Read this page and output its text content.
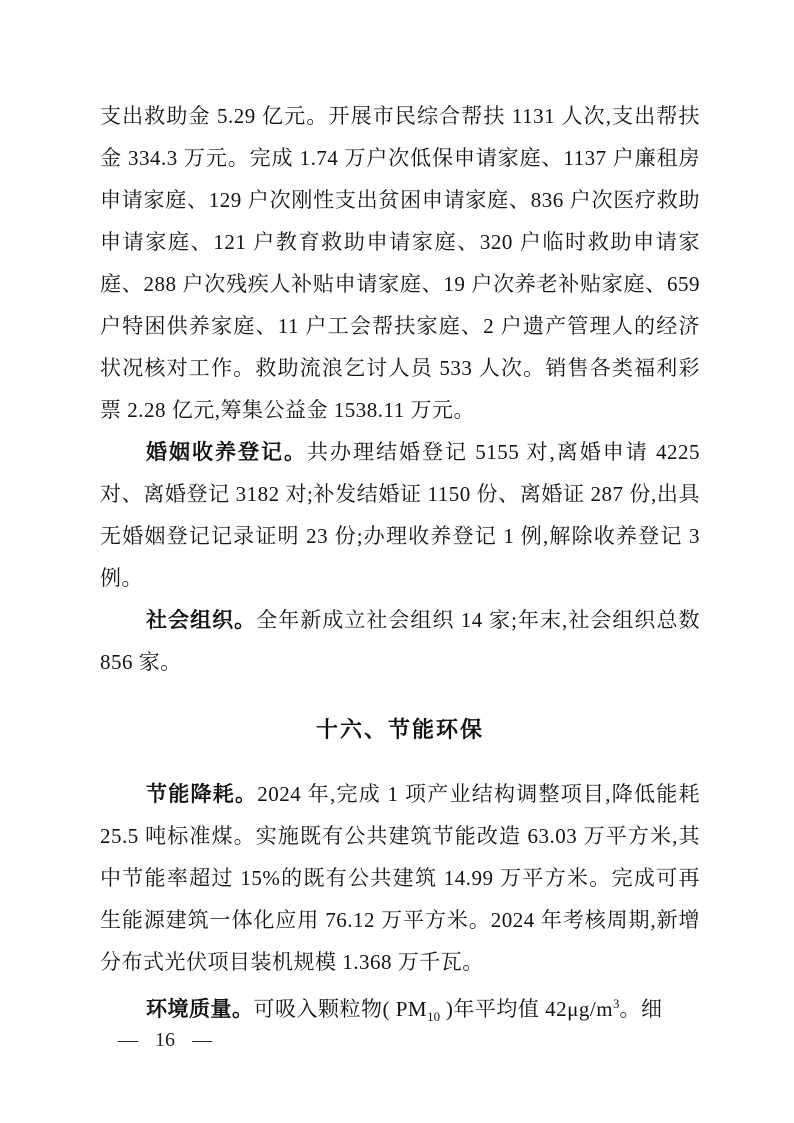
支出救助金 5.29 亿元。开展市民综合帮扶 1131 人次,支出帮扶金 334.3 万元。完成 1.74 万户次低保申请家庭、1137 户廉租房申请家庭、129 户次刚性支出贫困申请家庭、836 户次医疗救助申请家庭、121 户教育救助申请家庭、320 户临时救助申请家庭、288 户次残疾人补贴申请家庭、19 户次养老补贴家庭、659 户特困供养家庭、11 户工会帮扶家庭、2 户遗产管理人的经济状况核对工作。救助流浪乞讨人员 533 人次。销售各类福利彩票 2.28 亿元,筹集公益金 1538.11 万元。

婚姻收养登记。共办理结婚登记 5155 对,离婚申请 4225 对、离婚登记 3182 对;补发结婚证 1150 份、离婚证 287 份,出具无婚姻登记记录证明 23 份;办理收养登记 1 例,解除收养登记 3 例。

社会组织。全年新成立社会组织 14 家;年末,社会组织总数 856 家。

十六、节能环保

节能降耗。2024 年,完成 1 项产业结构调整项目,降低能耗 25.5 吨标准煤。实施既有公共建筑节能改造 63.03 万平方米,其中节能率超过 15%的既有公共建筑 14.99 万平方米。完成可再生能源建筑一体化应用 76.12 万平方米。2024 年考核周期,新增分布式光伏项目装机规模 1.368 万千瓦。

环境质量。可吸入颗粒物( $PM_{10}$ )年平均值 $42\mu g/m^3$。细

— 16 —
